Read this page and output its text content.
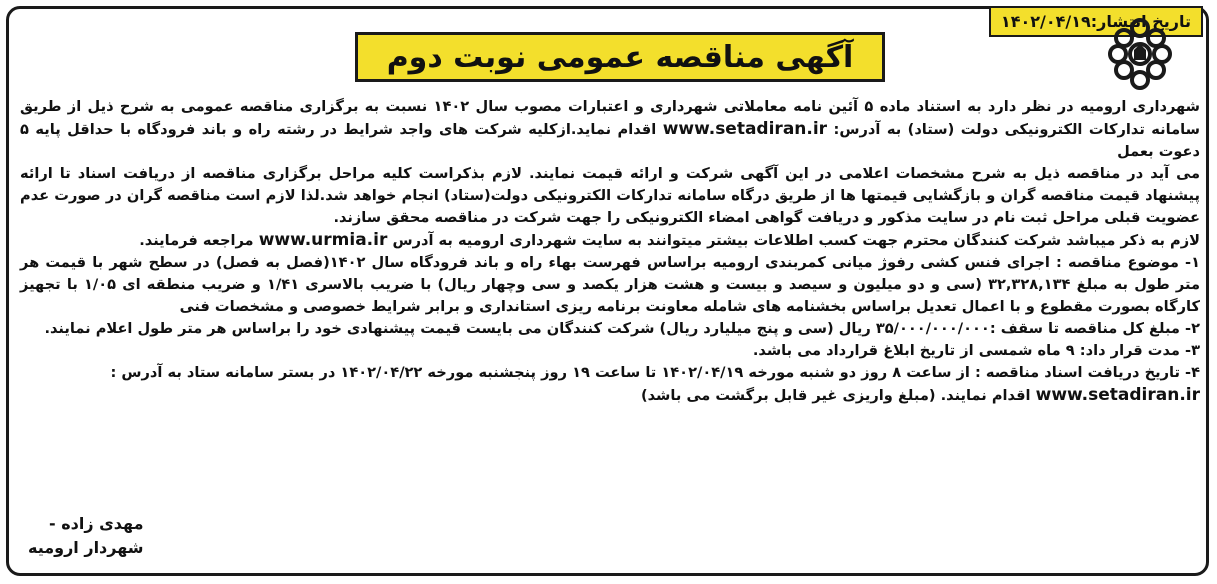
تاریخ انتشار:۱۴۰۲/۰۴/۱۹
آگهی مناقصه عمومی نوبت دوم

شهرداری ارومیه در نظر دارد به استناد ماده ۵ آئین نامه معاملاتی شهرداری و اعتبارات مصوب سال ۱۴۰۲ نسبت به برگزاری مناقصه عمومی به شرح ذیل از طریق سامانه تدارکات الکترونیکی دولت (ستاد) به آدرس: www.setadiran.ir اقدام نماید.ازکلیه شرکت های واجد شرایط در رشته راه و باند فرودگاه با حداقل پایه ۵ دعوت بعمل

می آید در مناقصه ذیل به شرح مشخصات اعلامی در این آگهی شرکت و ارائه قیمت نمایند. لازم بذکراست کلیه مراحل برگزاری مناقصه از دریافت اسناد تا ارائه پیشنهاد قیمت مناقصه گران و بازگشایی قیمتها ها از طریق درگاه سامانه تدارکات الکترونیکی دولت(ستاد) انجام خواهد شد.لذا لازم است مناقصه گران در صورت عدم عضویت قبلی مراحل ثبت نام در سایت مذکور و دریافت گواهی امضاء الکترونیکی را جهت شرکت در مناقصه محقق سازند.

لازم به ذکر میباشد شرکت کنندگان محترم جهت کسب اطلاعات بیشتر میتوانند به سایت شهرداری ارومیه به آدرس www.urmia.ir مراجعه فرمایند.

۱- موضوع مناقصه : اجرای فنس کشی رفوژ میانی کمربندی ارومیه براساس فهرست بهاء راه و باند فرودگاه سال ۱۴۰۲(فصل به فصل) در سطح شهر با قیمت هر متر طول به مبلغ ۳۲,۳۲۸,۱۳۴ (سی و دو میلیون و سیصد و بیست و هشت هزار یکصد و سی وچهار ریال) با ضریب بالاسری ۱/۴۱ و ضریب منطقه ای ۱/۰۵ با تجهیز کارگاه بصورت مقطوع و با اعمال تعدیل براساس بخشنامه های شامله معاونت برنامه ریزی استانداری و برابر شرایط خصوصی و مشخصات فنی

۲- مبلغ کل مناقصه تا سقف :۳۵/۰۰۰/۰۰۰/۰۰۰ ریال (سی و پنج میلیارد ریال) شرکت کنندگان می بایست قیمت پیشنهادی خود را براساس هر متر طول اعلام نمایند.

۳- مدت قرار داد: ۹ ماه شمسی از تاریخ ابلاغ قرارداد می باشد.

۴- تاریخ دریافت اسناد مناقصه : از ساعت ۸ روز دو شنبه مورخه ۱۴۰۲/۰۴/۱۹ تا ساعت ۱۹ روز پنجشنبه مورخه ۱۴۰۲/۰۴/۲۲ در بستر سامانه ستاد به آدرس :

www.setadiran.ir اقدام نمایند. (مبلغ واریزی غیر قابل برگشت می باشد)

مهدی زاده -
شهردار ارومیه
